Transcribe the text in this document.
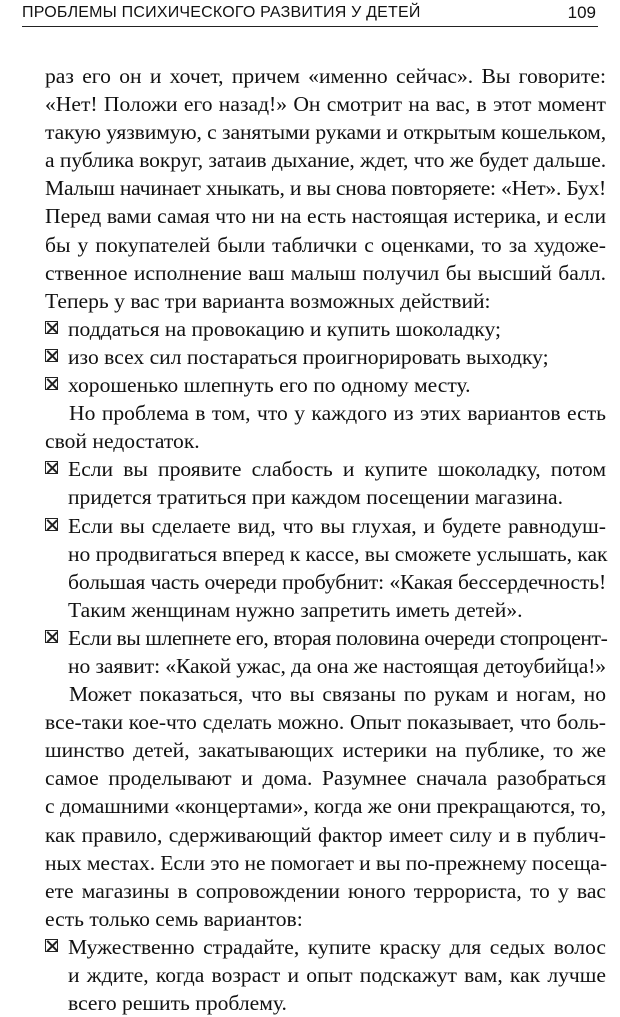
ПРОБЛЕМЫ ПСИХИЧЕСКОГО РАЗВИТИЯ У ДЕТЕЙ	109
раз его он и хочет, причем «именно сейчас». Вы говорите:
«Нет! Положи его назад!» Он смотрит на вас, в этот момент
такую уязвимую, с занятыми руками и открытым кошельком,
а публика вокруг, затаив дыхание, ждет, что же будет дальше.
Малыш начинает хныкать, и вы снова повторяете: «Нет». Бух!
Перед вами самая что ни на есть настоящая истерика, и если
бы у покупателей были таблички с оценками, то за художе-
ственное исполнение ваш малыш получил бы высший балл.
Теперь у вас три варианта возможных действий:
поддаться на провокацию и купить шоколадку;
изо всех сил постараться проигнорировать выходку;
хорошенько шлепнуть его по одному месту.
Но проблема в том, что у каждого из этих вариантов есть
свой недостаток.
Если вы проявите слабость и купите шоколадку, потом
придется тратиться при каждом посещении магазина.
Если вы сделаете вид, что вы глухая, и будете равнодуш-
но продвигаться вперед к кассе, вы сможете услышать, как
большая часть очереди пробубнит: «Какая бессердечность!
Таким женщинам нужно запретить иметь детей».
Если вы шлепнете его, вторая половина очереди стопроцент-
но заявит: «Какой ужас, да она же настоящая детоубийца!»
Может показаться, что вы связаны по рукам и ногам, но
все-таки кое-что сделать можно. Опыт показывает, что боль-
шинство детей, закатывающих истерики на публике, то же
самое проделывают и дома. Разумнее сначала разобраться
с домашними «концертами», когда же они прекращаются, то,
как правило, сдерживающий фактор имеет силу и в публич-
ных местах. Если это не помогает и вы по-прежнему посеща-
ете магазины в сопровождении юного террориста, то у вас
есть только семь вариантов:
Мужественно страдайте, купите краску для седых волос
и ждите, когда возраст и опыт подскажут вам, как лучше
всего решить проблему.
